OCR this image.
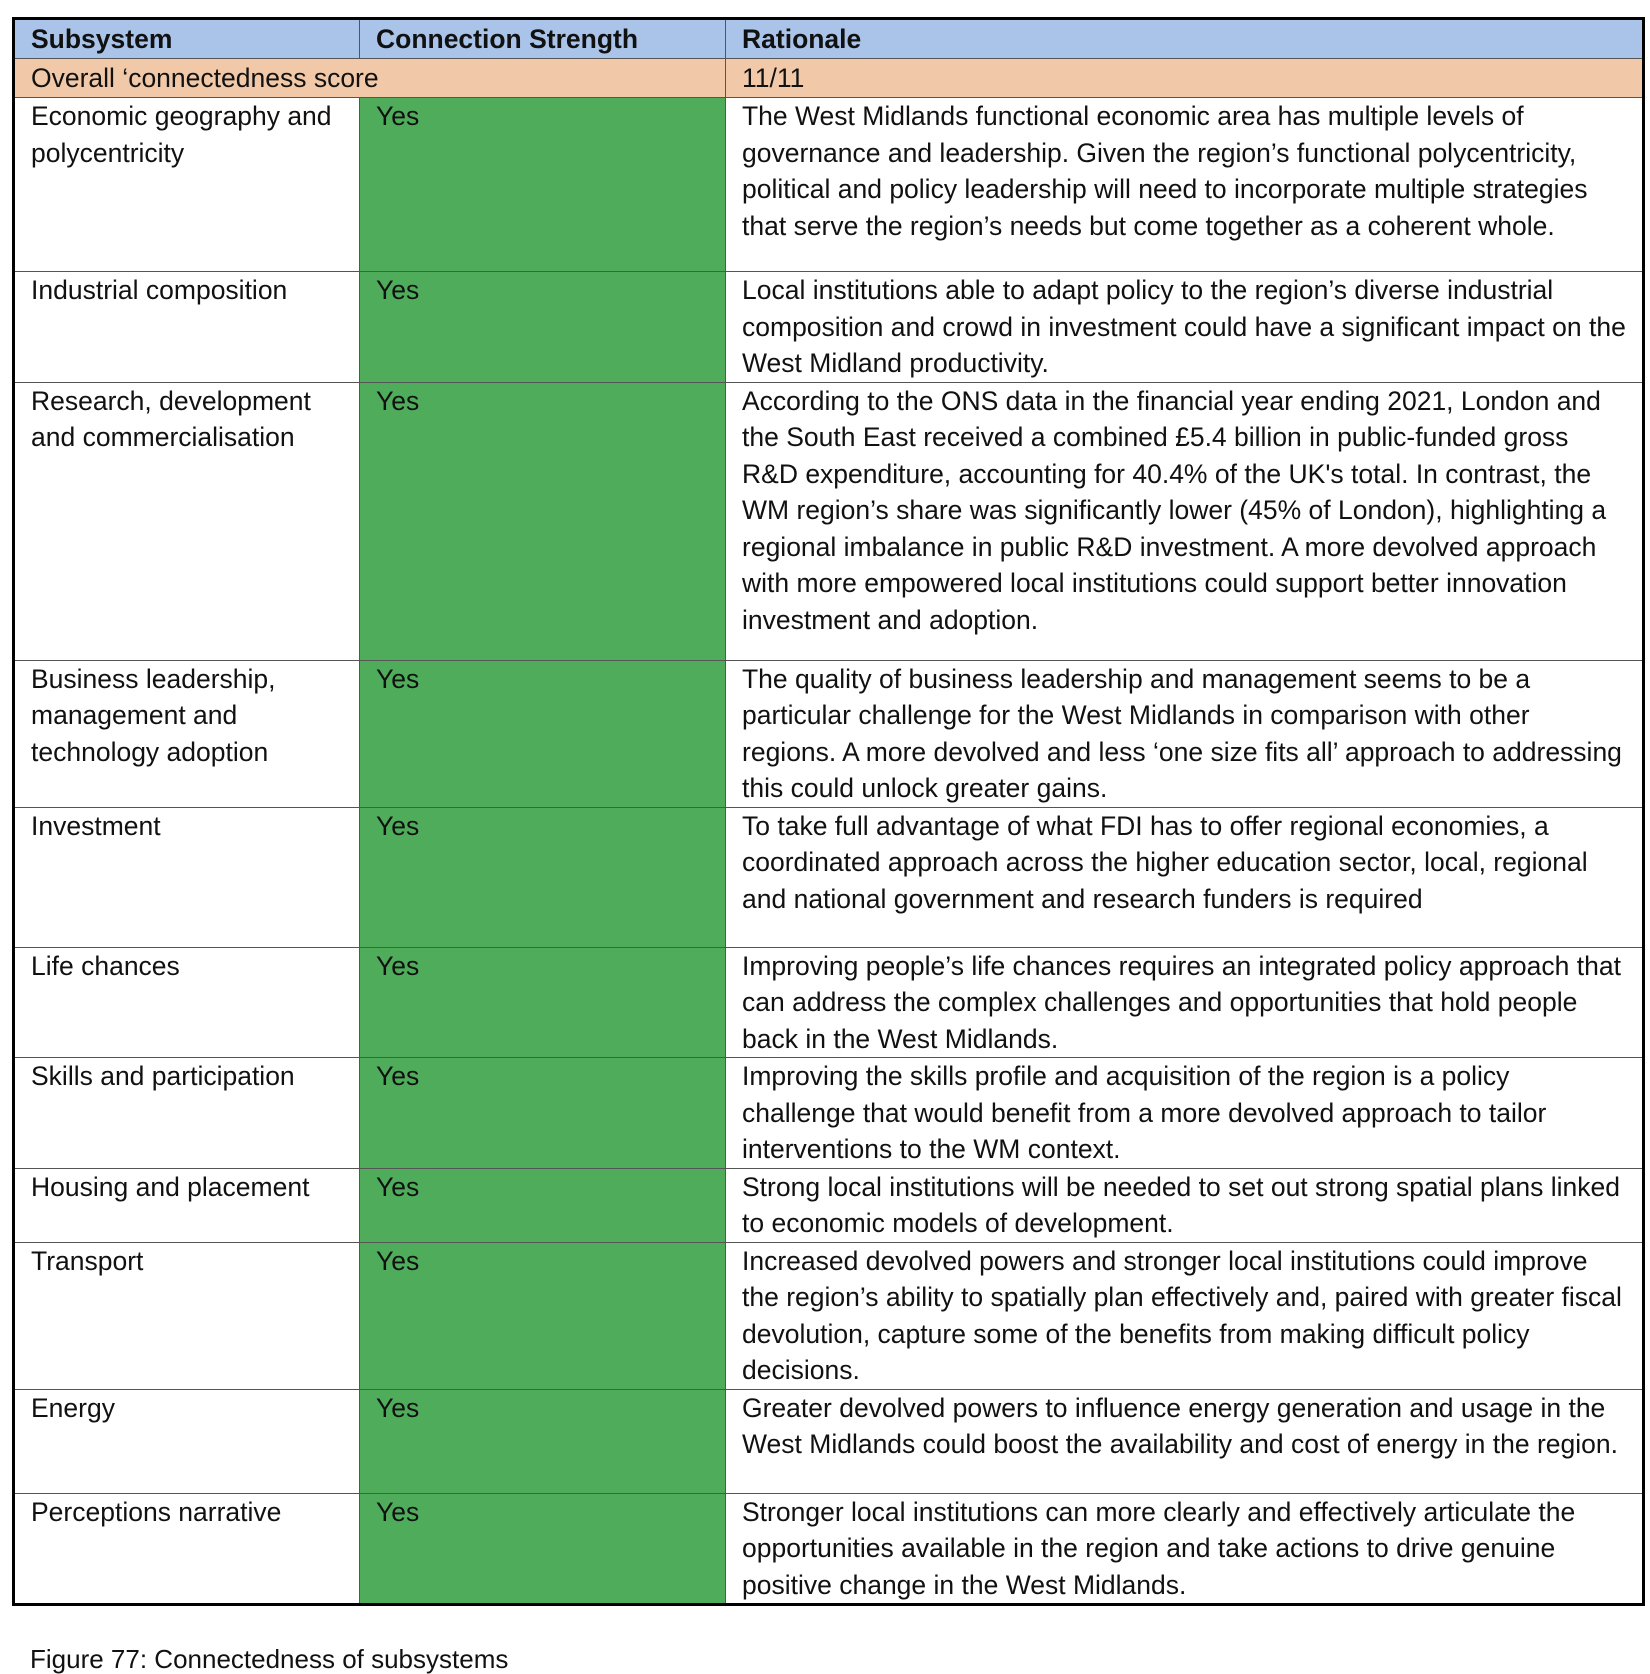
Subsystem	Connection Strength	Rationale
Overall ‘connectedness score		11/11
Economic geography and polycentricity	Yes	The West Midlands functional economic area has multiple levels of governance and leadership. Given the region’s functional polycentricity, political and policy leadership will need to incorporate multiple strategies that serve the region’s needs but come together as a coherent whole.
Industrial composition	Yes	Local institutions able to adapt policy to the region’s diverse industrial composition and crowd in investment could have a significant impact on the West Midland productivity.
Research, development and commercialisation	Yes	According to the ONS data in the financial year ending 2021, London and the South East received a combined £5.4 billion in public-funded gross R&D expenditure, accounting for 40.4% of the UK's total. In contrast, the WM region’s share was significantly lower (45% of London), highlighting a regional imbalance in public R&D investment. A more devolved approach with more empowered local institutions could support better innovation investment and adoption.
Business leadership, management and technology adoption	Yes	The quality of business leadership and management seems to be a particular challenge for the West Midlands in comparison with other regions. A more devolved and less ‘one size fits all’ approach to addressing this could unlock greater gains.
Investment	Yes	To take full advantage of what FDI has to offer regional economies, a coordinated approach across the higher education sector, local, regional and national government and research funders is required
Life chances	Yes	Improving people’s life chances requires an integrated policy approach that can address the complex challenges and opportunities that hold people back in the West Midlands.
Skills and participation	Yes	Improving the skills profile and acquisition of the region is a policy challenge that would benefit from a more devolved approach to tailor interventions to the WM context.
Housing and placement	Yes	Strong local institutions will be needed to set out strong spatial plans linked to economic models of development.
Transport	Yes	Increased devolved powers and stronger local institutions could improve the region’s ability to spatially plan effectively and, paired with greater fiscal devolution, capture some of the benefits from making difficult policy decisions.
Energy	Yes	Greater devolved powers to influence energy generation and usage in the West Midlands could boost the availability and cost of energy in the region.
Perceptions narrative	Yes	Stronger local institutions can more clearly and effectively articulate the opportunities available in the region and take actions to drive genuine positive change in the West Midlands.
Figure 77: Connectedness of subsystems
